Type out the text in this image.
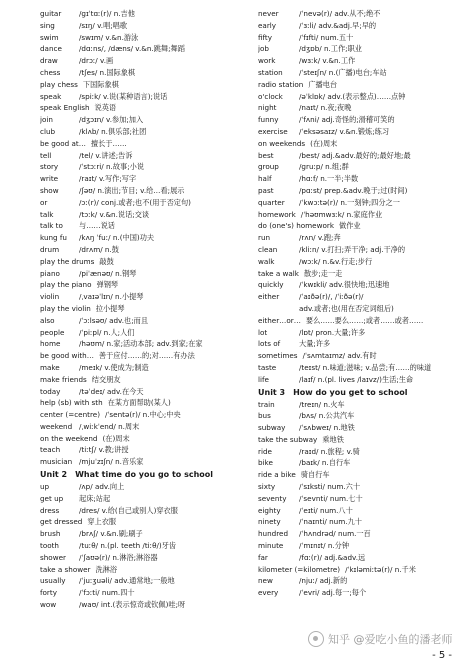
guitar /ɡɪˈtɑː(r)/ n.吉他
sing	/sɪŋ/ v.唱;唱歌
swim	/swɪm/ v.&n.游泳
dance /dɑːns/, /dæns/ v.&n.跳舞;舞蹈
draw	/drɔː/ v.画
chess	/tʃes/ n.国际象棋
play chess 下国际象棋
speak /spiːk/ v.说(某种语言);说话
speak English 说英语
join	/dʒɔɪn/ v.参加;加入
club	/klʌb/ n.俱乐部;社团
be good at… 擅长于……
tell	/tel/ v.讲述;告诉
story	/ˈstɔːri/ n.故事;小说
write	/raɪt/ v.写作;写字
show	/ʃəʊ/ n.演出;节目; v.给…看;展示
or	/ɔː(r)/ conj.或者;也不(用于否定句)
talk	/tɔːk/ v.&n.说话;交谈
talk to 与……说话
kung fu /kʌŋ ˈfuː/ n.(中国)功夫
drum	/drʌm/ n.鼓
play the drums 敲鼓
piano	/piˈænəʊ/ n.钢琴
play the piano 弹钢琴
violin	/ˌvaɪəˈlɪn/ n.小提琴
play the violin 拉小提琴
also	/ˈɔːlsəʊ/ adv.也;而且
people /ˈpiːpl/ n.人;人们
home	/həʊm/ n.家;活动本部; adv.到家;在家
be good with… 善于应付……的;对……有办法
make	/meɪk/ v.使成为;制造
make friends 结交朋友
today	/təˈdeɪ/ adv.在今天
help (sb) with sth 在某方面帮助(某人)
center (=centre) /ˈsentə(r)/ n.中心;中央
weekend /ˌwiːkˈend/ n.周末
on the weekend (在)周末
teach	/tiːtʃ/ v.教;讲授
musician /mjuˈzɪʃn/ n.音乐家
Unit 2 What time do you go to school
up	/ʌp/ adv.向上
get up 起床;站起
dress	/dres/ v.给(自己或别人)穿衣服
get dressed 穿上衣服
brush	/brʌʃ/ v.&n.刷;刷子
tooth	/tuːθ/ n.(pl. teeth /tiːθ/)牙齿
shower /ˈʃaʊə(r)/ n.淋浴;淋浴器
take a shower 洗淋浴
usually /ˈjuːʒuəli/ adv.通常地;一般地
forty	/ˈfɔːti/ num.四十
wow	/waʊ/ int.(表示惊奇或钦佩)哇;呀
never	/ˈnevə(r)/ adv.从不;绝不
early	/ˈɜːli/ adv.&adj.早;早的
fifty	/ˈfɪfti/ num.五十
job	/dʒɒb/ n.工作;职业
work	/wɜːk/ v.&n.工作
station /ˈsteɪʃn/ n.(广播)电台;车站
radio station 广播电台
o'clock /əˈklɒk/ adv.(表示整点)……点钟
night	/naɪt/ n.夜;夜晚
funny	/ˈfʌni/ adj.奇怪的;滑稽可笑的
exercise /ˈeksəsaɪz/ v.&n.锻炼;练习
on weekends (在)周末
best	/best/ adj.&adv.最好的;最好地;最
group	/ɡruːp/ n.组;群
half	/hɑːf/ n.一半;半数
past	/pɑːst/ prep.&adv.晚于;过(时间)
quarter /ˈkwɔːtə(r)/ n.一刻钟;四分之一
homework /ˈhəʊmwɜːk/ n.家庭作业
do (one's) homework 做作业
run	/rʌn/ v.跑;奔
clean	/kliːn/ v.打扫;弄干净; adj.干净的
walk	/wɔːk/ n.&v.行走;步行
take a walk 散步;走一走
quickly /ˈkwɪkli/ adv.很快地;迅速地
either	/ˈaɪðə(r)/, /ˈiːðə(r)/
adv.或者;也(用在否定词组后)
either…or… 要么……要么……;或者……或者……
lot	/lɒt/ pron.大量;许多
lots of	大量;许多
sometimes /ˈsʌmtaɪmz/ adv.有时
taste	/teɪst/ n.味道;滋味; v.品尝;有……的味道
life	/laɪf/ n.(pl. lives /laɪvz/)生活;生命
Unit 3 How do you get to school
train	/treɪn/ n.火车
bus	/bʌs/ n.公共汽车
subway /ˈsʌbweɪ/ n.地铁
take the subway 乘地铁
ride	/raɪd/ n.旅程; v.骑
bike	/baɪk/ n.自行车
ride a bike 骑自行车
sixty	/ˈsɪksti/ num.六十
seventy /ˈsevnti/ num.七十
eighty	/ˈeɪti/ num.八十
ninety	/ˈnaɪnti/ num.九十
hundred /ˈhʌndrəd/ num.一百
minute /ˈmɪnɪt/ n.分钟
far	/fɑː(r)/ adj.&adv.远
kilometer (=kilometre) /ˈkɪləmiːtə(r)/ n.千米
new	/njuː/ adj.新的
every	/ˈevri/ adj.每一;每个
知乎 @爱吃小鱼的潘老师
- 5 -
